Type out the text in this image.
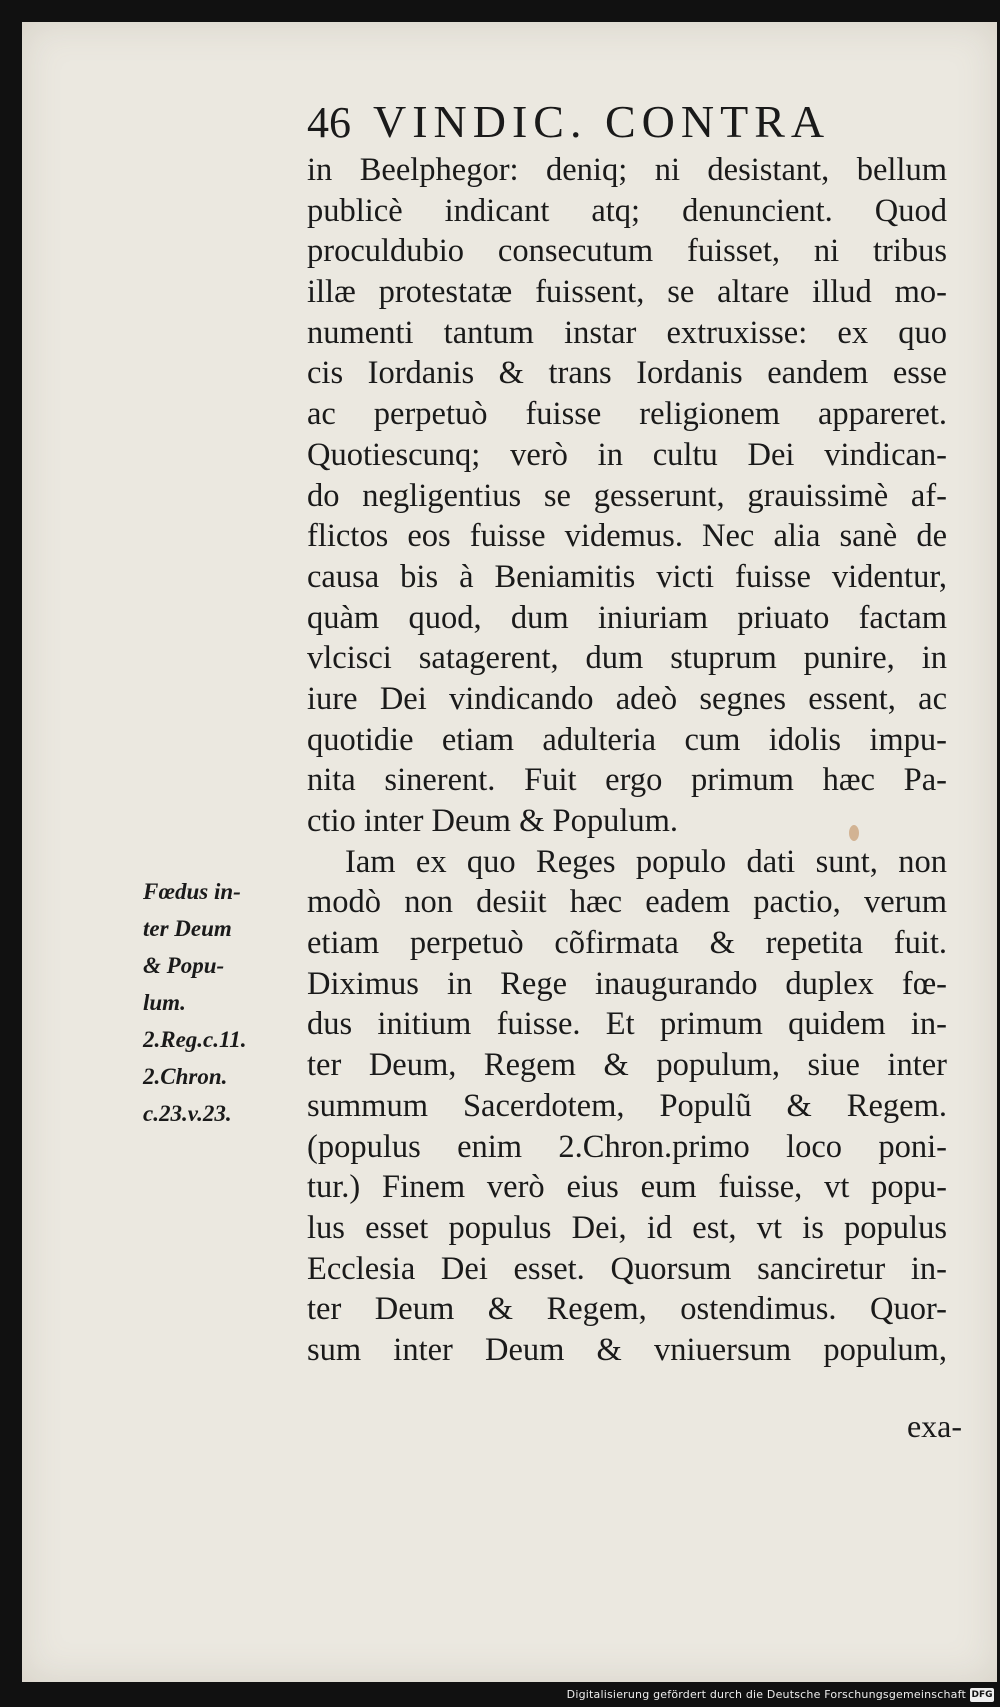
46 VINDIC. CONTRA
in Beelphegor: deniq; ni desistant, bellum
publicè indicant atq; denuncient. Quod
proculdubio consecutum fuisset, ni tribus
illæ protestatæ fuissent, se altare illud mo-
numenti tantum instar extruxisse: ex quo
cis Iordanis & trans Iordanis eandem esse
ac perpetuò fuisse religionem appareret.
Quotiescunq; verò in cultu Dei vindican-
do negligentius se gesserunt, grauissimè af-
flictos eos fuisse videmus. Nec alia sanè de
causa bis à Beniamitis victi fuisse videntur,
quàm quod, dum iniuriam priuato factam
vlcisci satagerent, dum stuprum punire, in
iure Dei vindicando adeò segnes essent, ac
quotidie etiam adulteria cum idolis impu-
nita sinerent. Fuit ergo primum hæc Pa-
ctio inter Deum & Populum.
Iam ex quo Reges populo dati sunt, non
modò non desiit hæc eadem pactio, verum
etiam perpetuò cõfirmata & repetita fuit.
Diximus in Rege inaugurando duplex fœ-
dus initium fuisse. Et primum quidem in-
ter Deum, Regem & populum, siue inter
summum Sacerdotem, Populũ & Regem.
(populus enim 2.Chron.primo loco poni-
tur.) Finem verò eius eum fuisse, vt popu-
lus esset populus Dei, id est, vt is populus
Ecclesia Dei esset. Quorsum sanciretur in-
ter Deum & Regem, ostendimus. Quor-
sum inter Deum & vniuersum populum,
exa-
Fœdus in-
ter Deum
& Popu-
lum.
2.Reg.c.11.
2.Chron.
c.23.v.23.
Digitalisierung gefördert durch die Deutsche Forschungsgemeinschaft DFG
